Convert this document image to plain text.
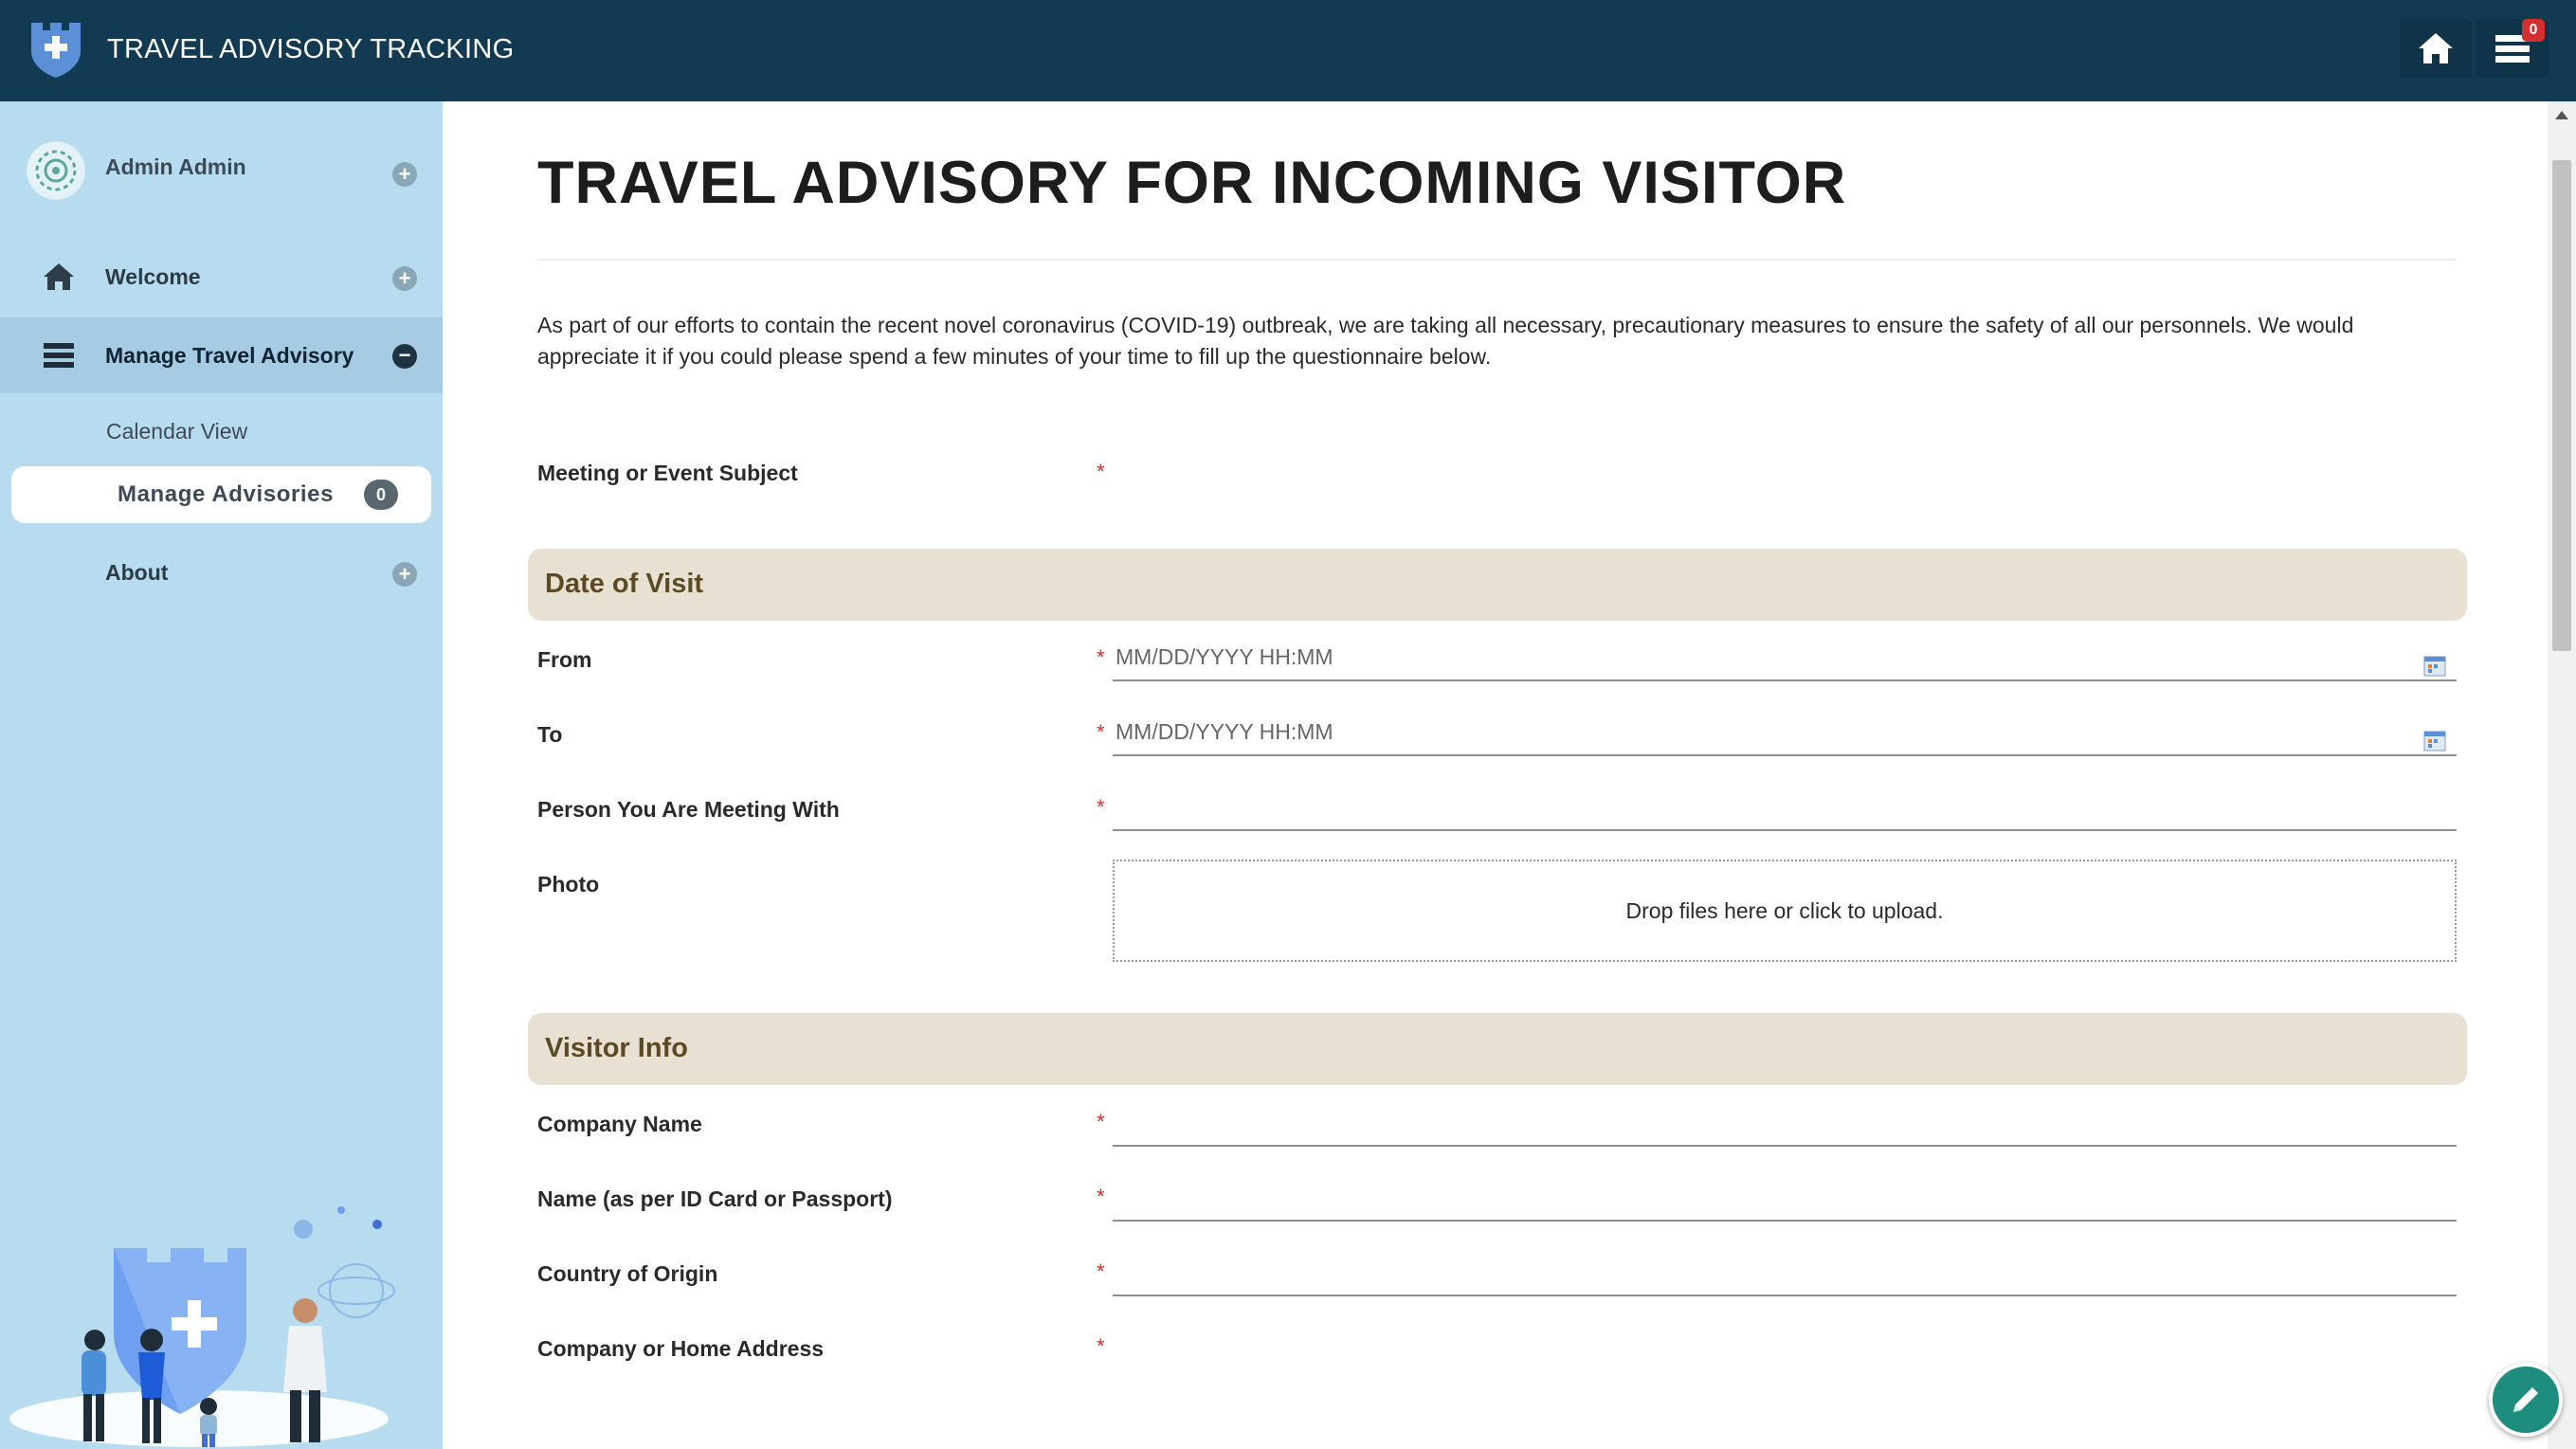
TRAVEL ADVISORY TRACKING
0
Admin Admin	+
Welcome	+
Manage Travel Advisory −
Calendar View
Manage Advisories	0
About	+
TRAVEL ADVISORY FOR INCOMING VISITOR

As part of our efforts to contain the recent novel coronavirus (COVID-19) outbreak, we are taking all necessary, precautionary measures to ensure the safety of all our personnels. We would appreciate it if you could please spend a few minutes of your time to fill up the questionnaire below.

Meeting or Event Subject	*
Date of Visit
From	*
MM/DD/YYYY HH:MM
To	*
MM/DD/YYYY HH:MM
Person You Are Meeting With	*
Photo
Drop files here or click to upload.
Visitor Info
Company Name	*
Name (as per ID Card or Passport)	*
Country of Origin	*
Company or Home Address	*
